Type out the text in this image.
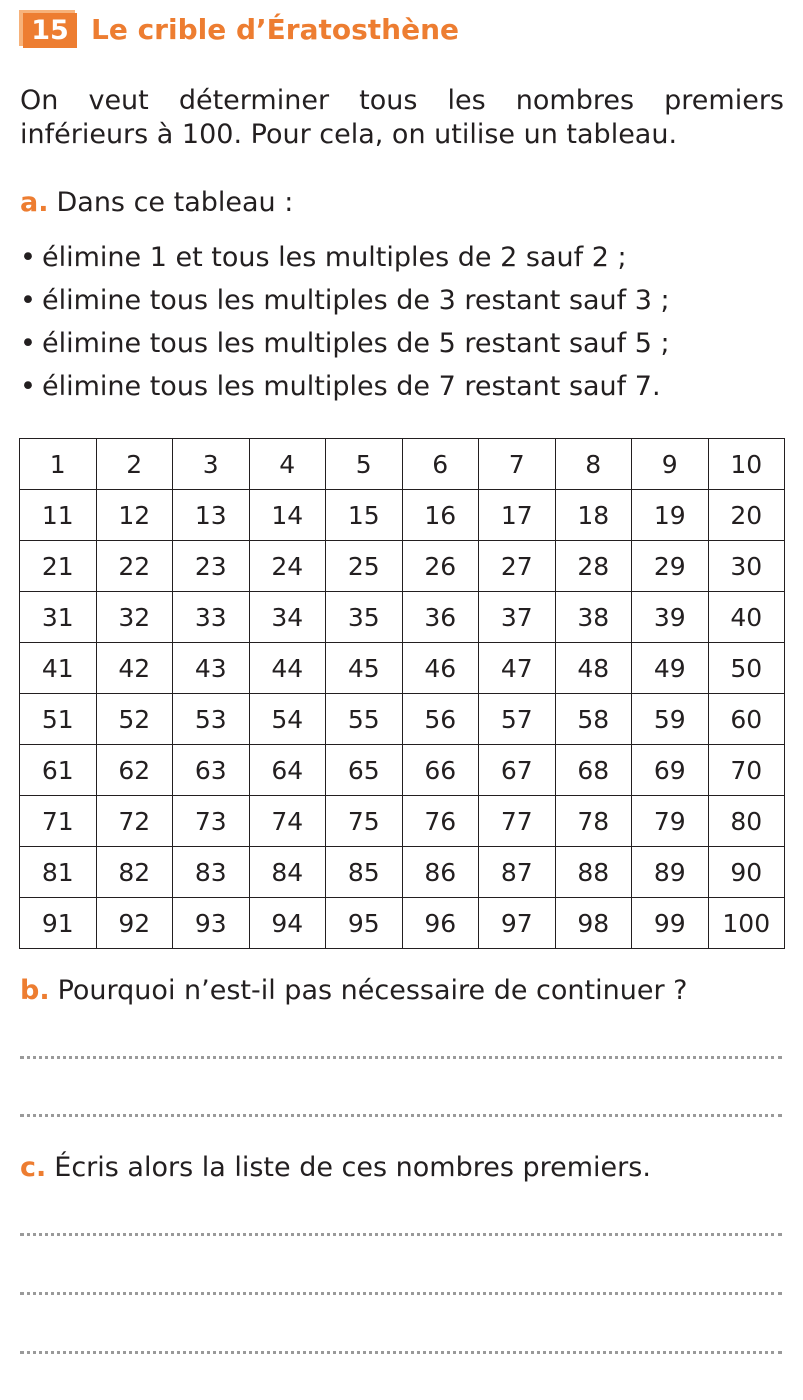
15 Le crible d’Ératosthène
On veut déterminer tous les nombres premiers inférieurs à 100. Pour cela, on utilise un tableau.
a. Dans ce tableau :
• élimine 1 et tous les multiples de 2 sauf 2 ;
• élimine tous les multiples de 3 restant sauf 3 ;
• élimine tous les multiples de 5 restant sauf 5 ;
• élimine tous les multiples de 7 restant sauf 7.
1	2	3	4	5	6	7	8	9	10
11	12	13	14	15	16	17	18	19	20
21	22	23	24	25	26	27	28	29	30
31	32	33	34	35	36	37	38	39	40
41	42	43	44	45	46	47	48	49	50
51	52	53	54	55	56	57	58	59	60
61	62	63	64	65	66	67	68	69	70
71	72	73	74	75	76	77	78	79	80
81	82	83	84	85	86	87	88	89	90
91	92	93	94	95	96	97	98	99	100
b. Pourquoi n’est-il pas nécessaire de continuer ?
c. Écris alors la liste de ces nombres premiers.
